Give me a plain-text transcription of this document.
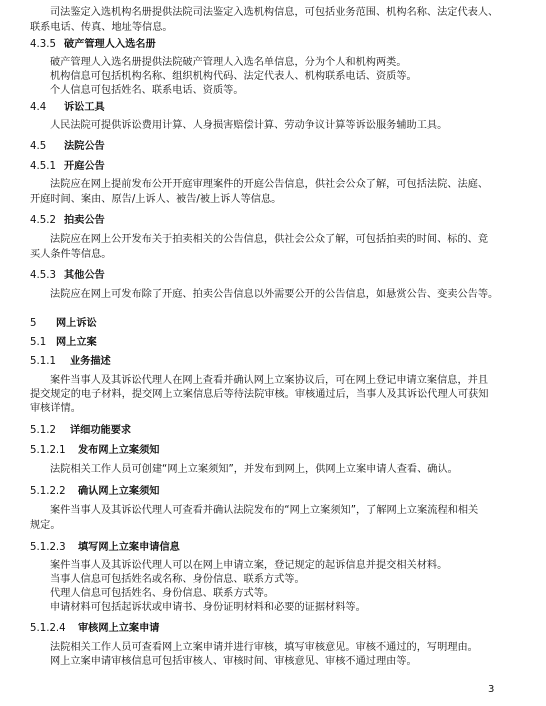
司法鉴定入选机构名册提供法院司法鉴定入选机构信息，可包括业务范围、机构名称、法定代表人、
联系电话、传真、地址等信息。
4.3.5 破产管理人入选名册
破产管理人入选名册提供法院破产管理人入选名单信息，分为个人和机构两类。
机构信息可包括机构名称、组织机构代码、法定代表人、机构联系电话、资质等。
个人信息可包括姓名、联系电话、资质等。
4.4 诉讼工具
人民法院可提供诉讼费用计算、人身损害赔偿计算、劳动争议计算等诉讼服务辅助工具。
4.5 法院公告
4.5.1 开庭公告
法院应在网上提前发布公开开庭审理案件的开庭公告信息，供社会公众了解，可包括法院、法庭、
开庭时间、案由、原告/上诉人、被告/被上诉人等信息。
4.5.2 拍卖公告
法院应在网上公开发布关于拍卖相关的公告信息，供社会公众了解，可包括拍卖的时间、标的、竞
买人条件等信息。
4.5.3 其他公告
法院应在网上可发布除了开庭、拍卖公告信息以外需要公开的公告信息，如悬赏公告、变卖公告等。
5 网上诉讼
5.1 网上立案
5.1.1 业务描述
案件当事人及其诉讼代理人在网上查看并确认网上立案协议后，可在网上登记申请立案信息，并且
提交规定的电子材料，提交网上立案信息后等待法院审核。审核通过后，当事人及其诉讼代理人可获知
审核详情。
5.1.2 详细功能要求
5.1.2.1 发布网上立案须知
法院相关工作人员可创建“网上立案须知”，并发布到网上，供网上立案申请人查看、确认。
5.1.2.2 确认网上立案须知
案件当事人及其诉讼代理人可查看并确认法院发布的“网上立案须知”，了解网上立案流程和相关
规定。
5.1.2.3 填写网上立案申请信息
案件当事人及其诉讼代理人可以在网上申请立案，登记规定的起诉信息并提交相关材料。
当事人信息可包括姓名或名称、身份信息、联系方式等。
代理人信息可包括姓名、身份信息、联系方式等。
申请材料可包括起诉状或申请书、身份证明材料和必要的证据材料等。
5.1.2.4 审核网上立案申请
法院相关工作人员可查看网上立案申请并进行审核，填写审核意见。审核不通过的，写明理由。
网上立案申请审核信息可包括审核人、审核时间、审核意见、审核不通过理由等。
3
